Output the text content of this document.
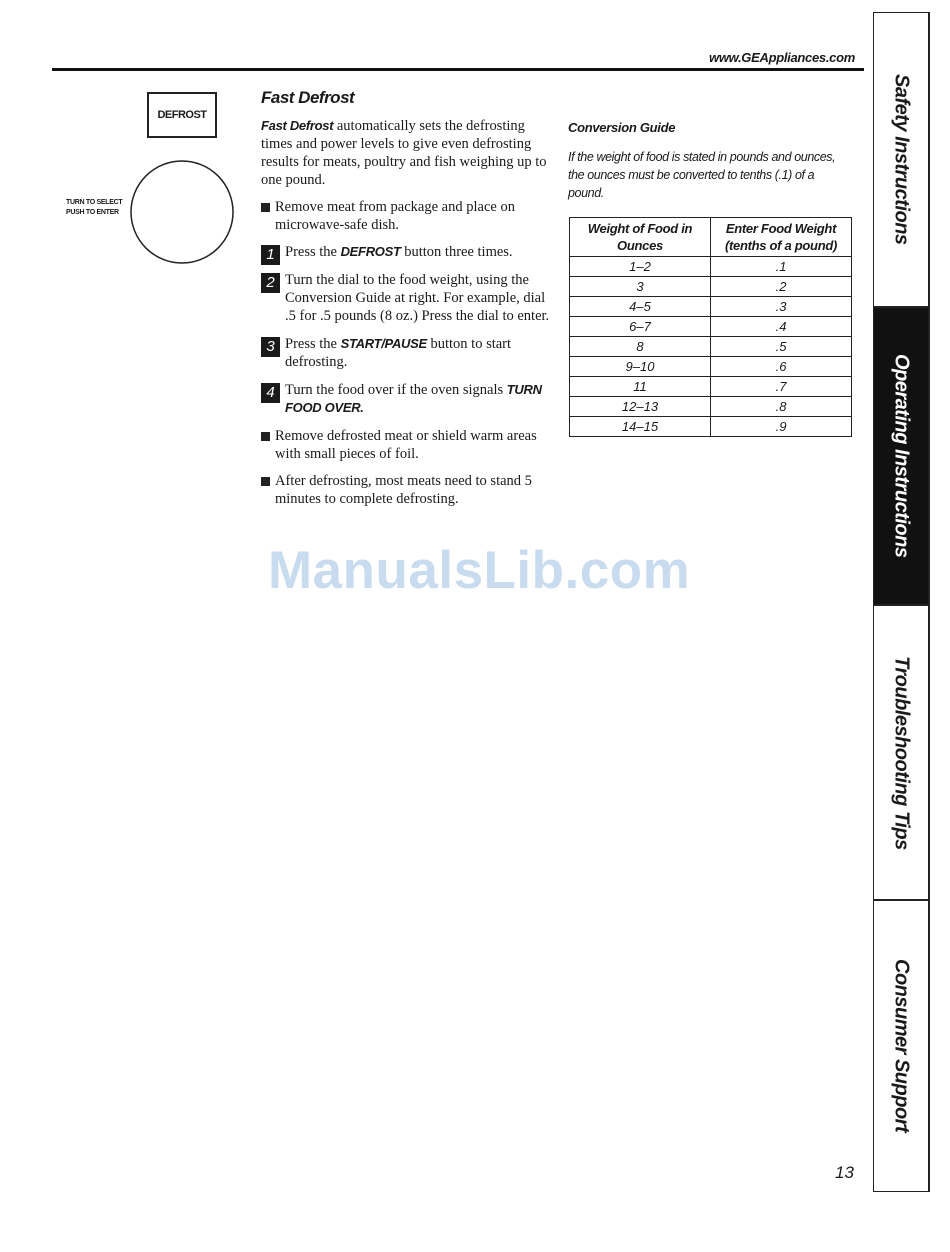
www.GEAppliances.com
DEFROST
TURN TO SELECT
PUSH TO ENTER
Fast Defrost

Fast Defrost automatically sets the defrosting times and power levels to give even defrosting results for meats, poultry and fish weighing up to one pound.

Remove meat from package and place on microwave-safe dish.

1 Press the DEFROST button three times.

2 Turn the dial to the food weight, using the Conversion Guide at right. For example, dial .5 for .5 pounds (8 oz.) Press the dial to enter.

3 Press the START/PAUSE button to start defrosting.

4 Turn the food over if the oven signals TURN FOOD OVER.

Remove defrosted meat or shield warm areas with small pieces of foil.

After defrosting, most meats need to stand 5 minutes to complete defrosting.

Conversion Guide
If the weight of food is stated in pounds and ounces, the ounces must be converted to tenths (.1) of a pound.
Weight of Food in Ounces	Enter Food Weight (tenths of a pound)
1–2	.1
3	.2
4–5	.3
6–7	.4
8	.5
9–10	.6
11	.7
12–13	.8
14–15	.9
ManualsLib.com
Safety Instructions
Operating Instructions
Troubleshooting Tips
Consumer Support
13
